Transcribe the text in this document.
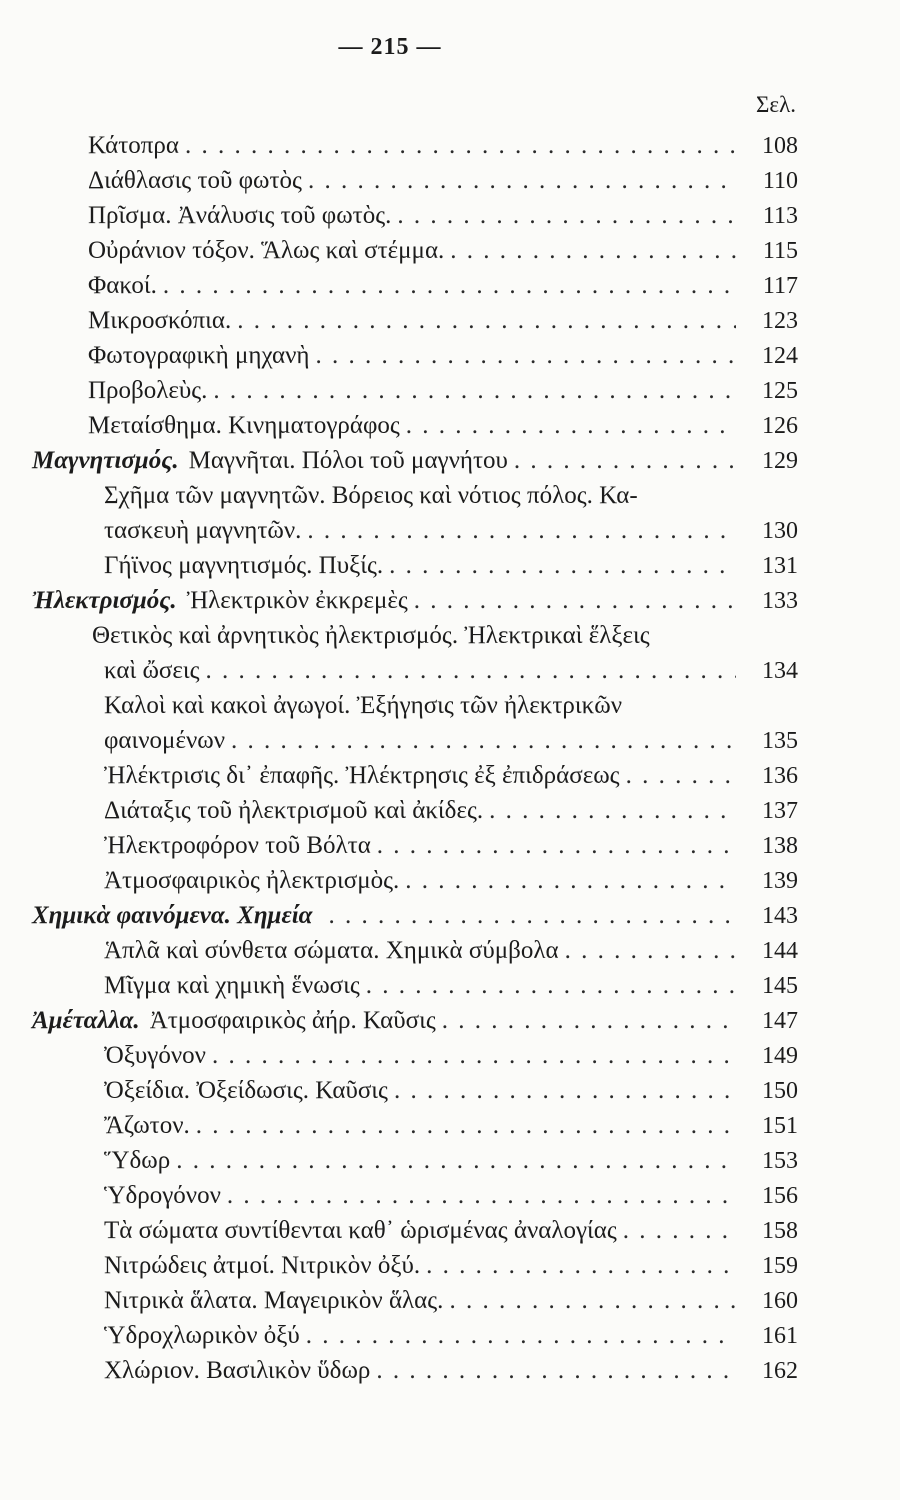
— 215 —
Σελ.
Κάτοπρα . . .	108
Διάθλασις τοῦ φωτὸς . . .	110
Πρῖσμα. Ἀνάλυσις τοῦ φωτὸς. . . .	113
Οὐράνιον τόξον. Ἅλως καὶ στέμμα. . . .	115
Φακοί. . . .	117
Μικροσκόπια. . . .	123
Φωτογραφικὴ μηχανὴ . . .	124
Προβολεὺς. . . .	125
Μεταίσθημα. Κινηματογράφος . . .	126
Μαγνητισμός. Μαγνῆται. Πόλοι τοῦ μαγνήτου . . .	129
Σχῆμα τῶν μαγνητῶν. Βόρειος καὶ νότιος πόλος. Κα-
τασκευὴ μαγνητῶν. . . .	130
Γήϊνος μαγνητισμός. Πυξίς. . . .	131
Ἠλεκτρισμός. Ἠλεκτρικὸν ἐκκρεμὲς . . .	133
Θετικὸς καὶ ἀρνητικὸς ἠλεκτρισμός. Ἠλεκτρικαὶ ἕλξεις
καὶ ὤσεις . . .	134
Καλοὶ καὶ κακοὶ ἀγωγοί. Ἐξήγησις τῶν ἠλεκτρικῶν
φαινομένων . . .	135
Ἠλέκτρισις δι᾽ ἐπαφῆς. Ἠλέκτρησις ἐξ ἐπιδράσεως . . .	136
Διάταξις τοῦ ἠλεκτρισμοῦ καὶ ἀκίδες. . . .	137
Ἠλεκτροφόρον τοῦ Βόλτα . . .	138
Ἀτμοσφαιρικὸς ἠλεκτρισμὸς. . . .	139
Χημικὰ φαινόμενα. Χημεία . . .	143
Ἁπλᾶ καὶ σύνθετα σώματα. Χημικὰ σύμβολα . . .	144
Μῖγμα καὶ χημικὴ ἕνωσις . . .	145
Ἀμέταλλα. Ἀτμοσφαιρικὸς ἀήρ. Καῦσις . . .	147
Ὀξυγόνον . . .	149
Ὀξείδια. Ὀξείδωσις. Καῦσις . . .	150
Ἄζωτον. . . .	151
Ὕδωρ . . .	153
Ὑδρογόνον . . .	156
Τὰ σώματα συντίθενται καθ᾽ ὡρισμένας ἀναλογίας . . .	158
Νιτρώδεις ἀτμοί. Νιτρικὸν ὀξύ. . . .	159
Νιτρικὰ ἅλατα. Μαγειρικὸν ἅλας. . . .	160
Ὑδροχλωρικὸν ὀξύ . . .	161
Χλώριον. Βασιλικὸν ὕδωρ . . .	162
